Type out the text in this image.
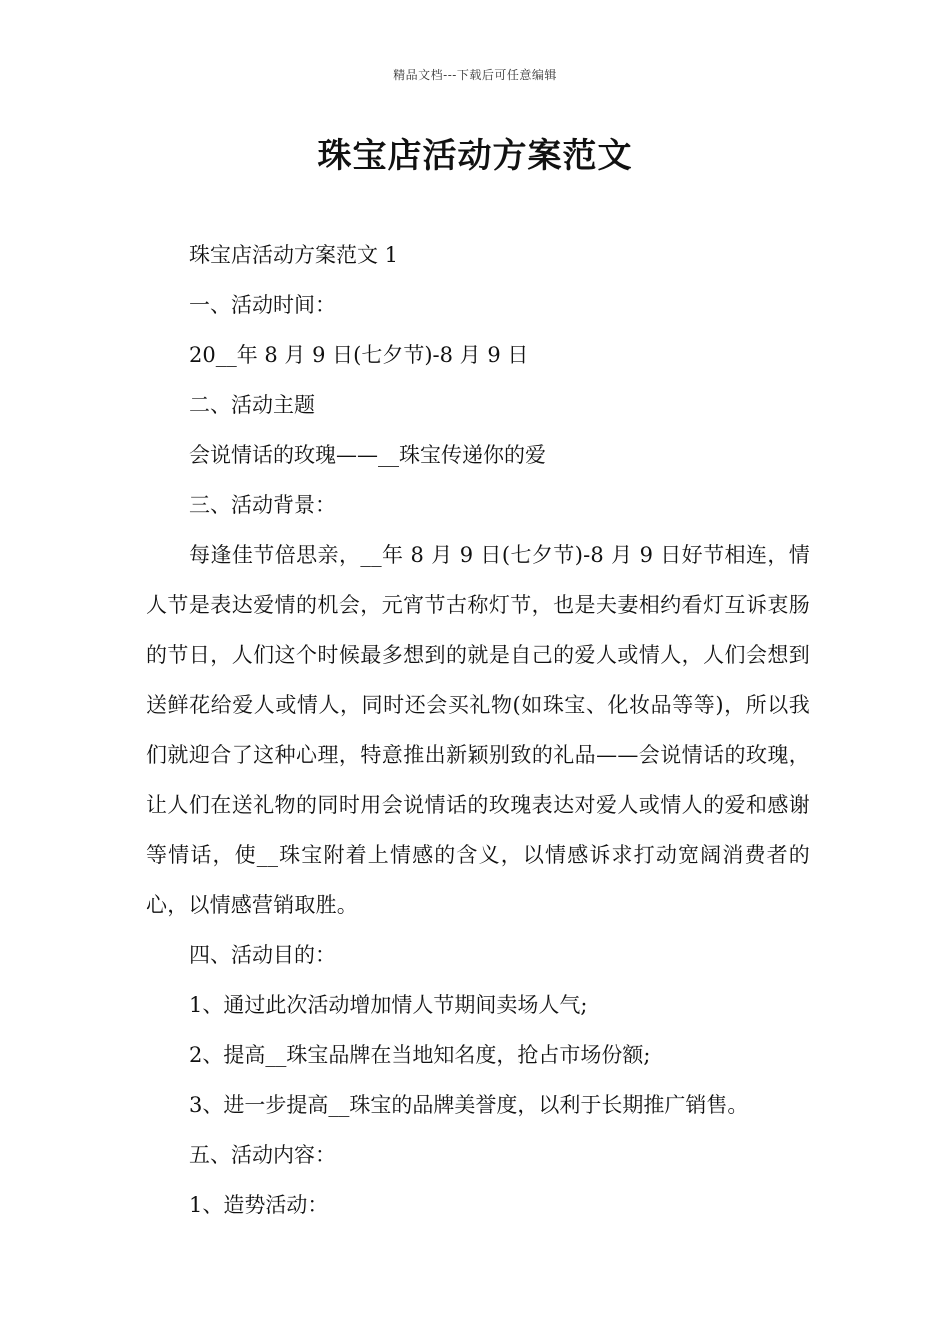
精品文档---下载后可任意编辑
珠宝店活动方案范文

珠宝店活动方案范文 1

一、活动时间：

20__年 8 月 9 日(七夕节)-8 月 9 日

二、活动主题

会说情话的玫瑰——__珠宝传递你的爱

三、活动背景：

每逢佳节倍思亲，__年 8 月 9 日(七夕节)-8 月 9 日好节相连，情人节是表达爱情的机会，元宵节古称灯节，也是夫妻相约看灯互诉衷肠的节日，人们这个时候最多想到的就是自己的爱人或情人，人们会想到送鲜花给爱人或情人，同时还会买礼物(如珠宝、化妆品等等)，所以我们就迎合了这种心理，特意推出新颖别致的礼品——会说情话的玫瑰，让人们在送礼物的同时用会说情话的玫瑰表达对爱人或情人的爱和感谢等情话，使__珠宝附着上情感的含义，以情感诉求打动宽阔消费者的心，以情感营销取胜。

四、活动目的：

1、通过此次活动增加情人节期间卖场人气;

2、提高__珠宝品牌在当地知名度，抢占市场份额;

3、进一步提高__珠宝的品牌美誉度，以利于长期推广销售。

五、活动内容：

1、造势活动：
